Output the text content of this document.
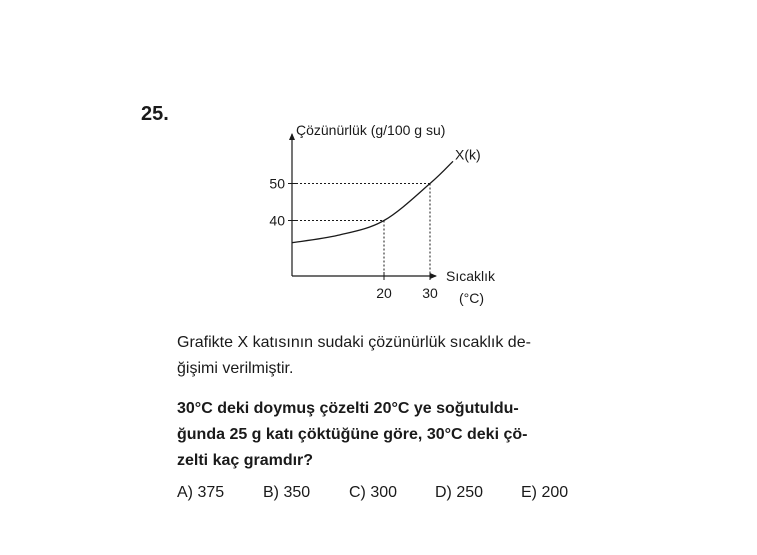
25.
40
50
20 30
Çözünürlük (g/100 g su)
X(k)
Sıcaklık
(°C)
Grafikte X katısının sudaki çözünürlük sıcaklık de-
ğişimi verilmiştir.
30°C deki doymuş çözelti 20°C ye soğutuldu-
ğunda 25 g katı çöktüğüne göre, 30°C deki çö-
zelti kaç gramdır?
A) 375 B) 350 C) 300 D) 250 E) 200
